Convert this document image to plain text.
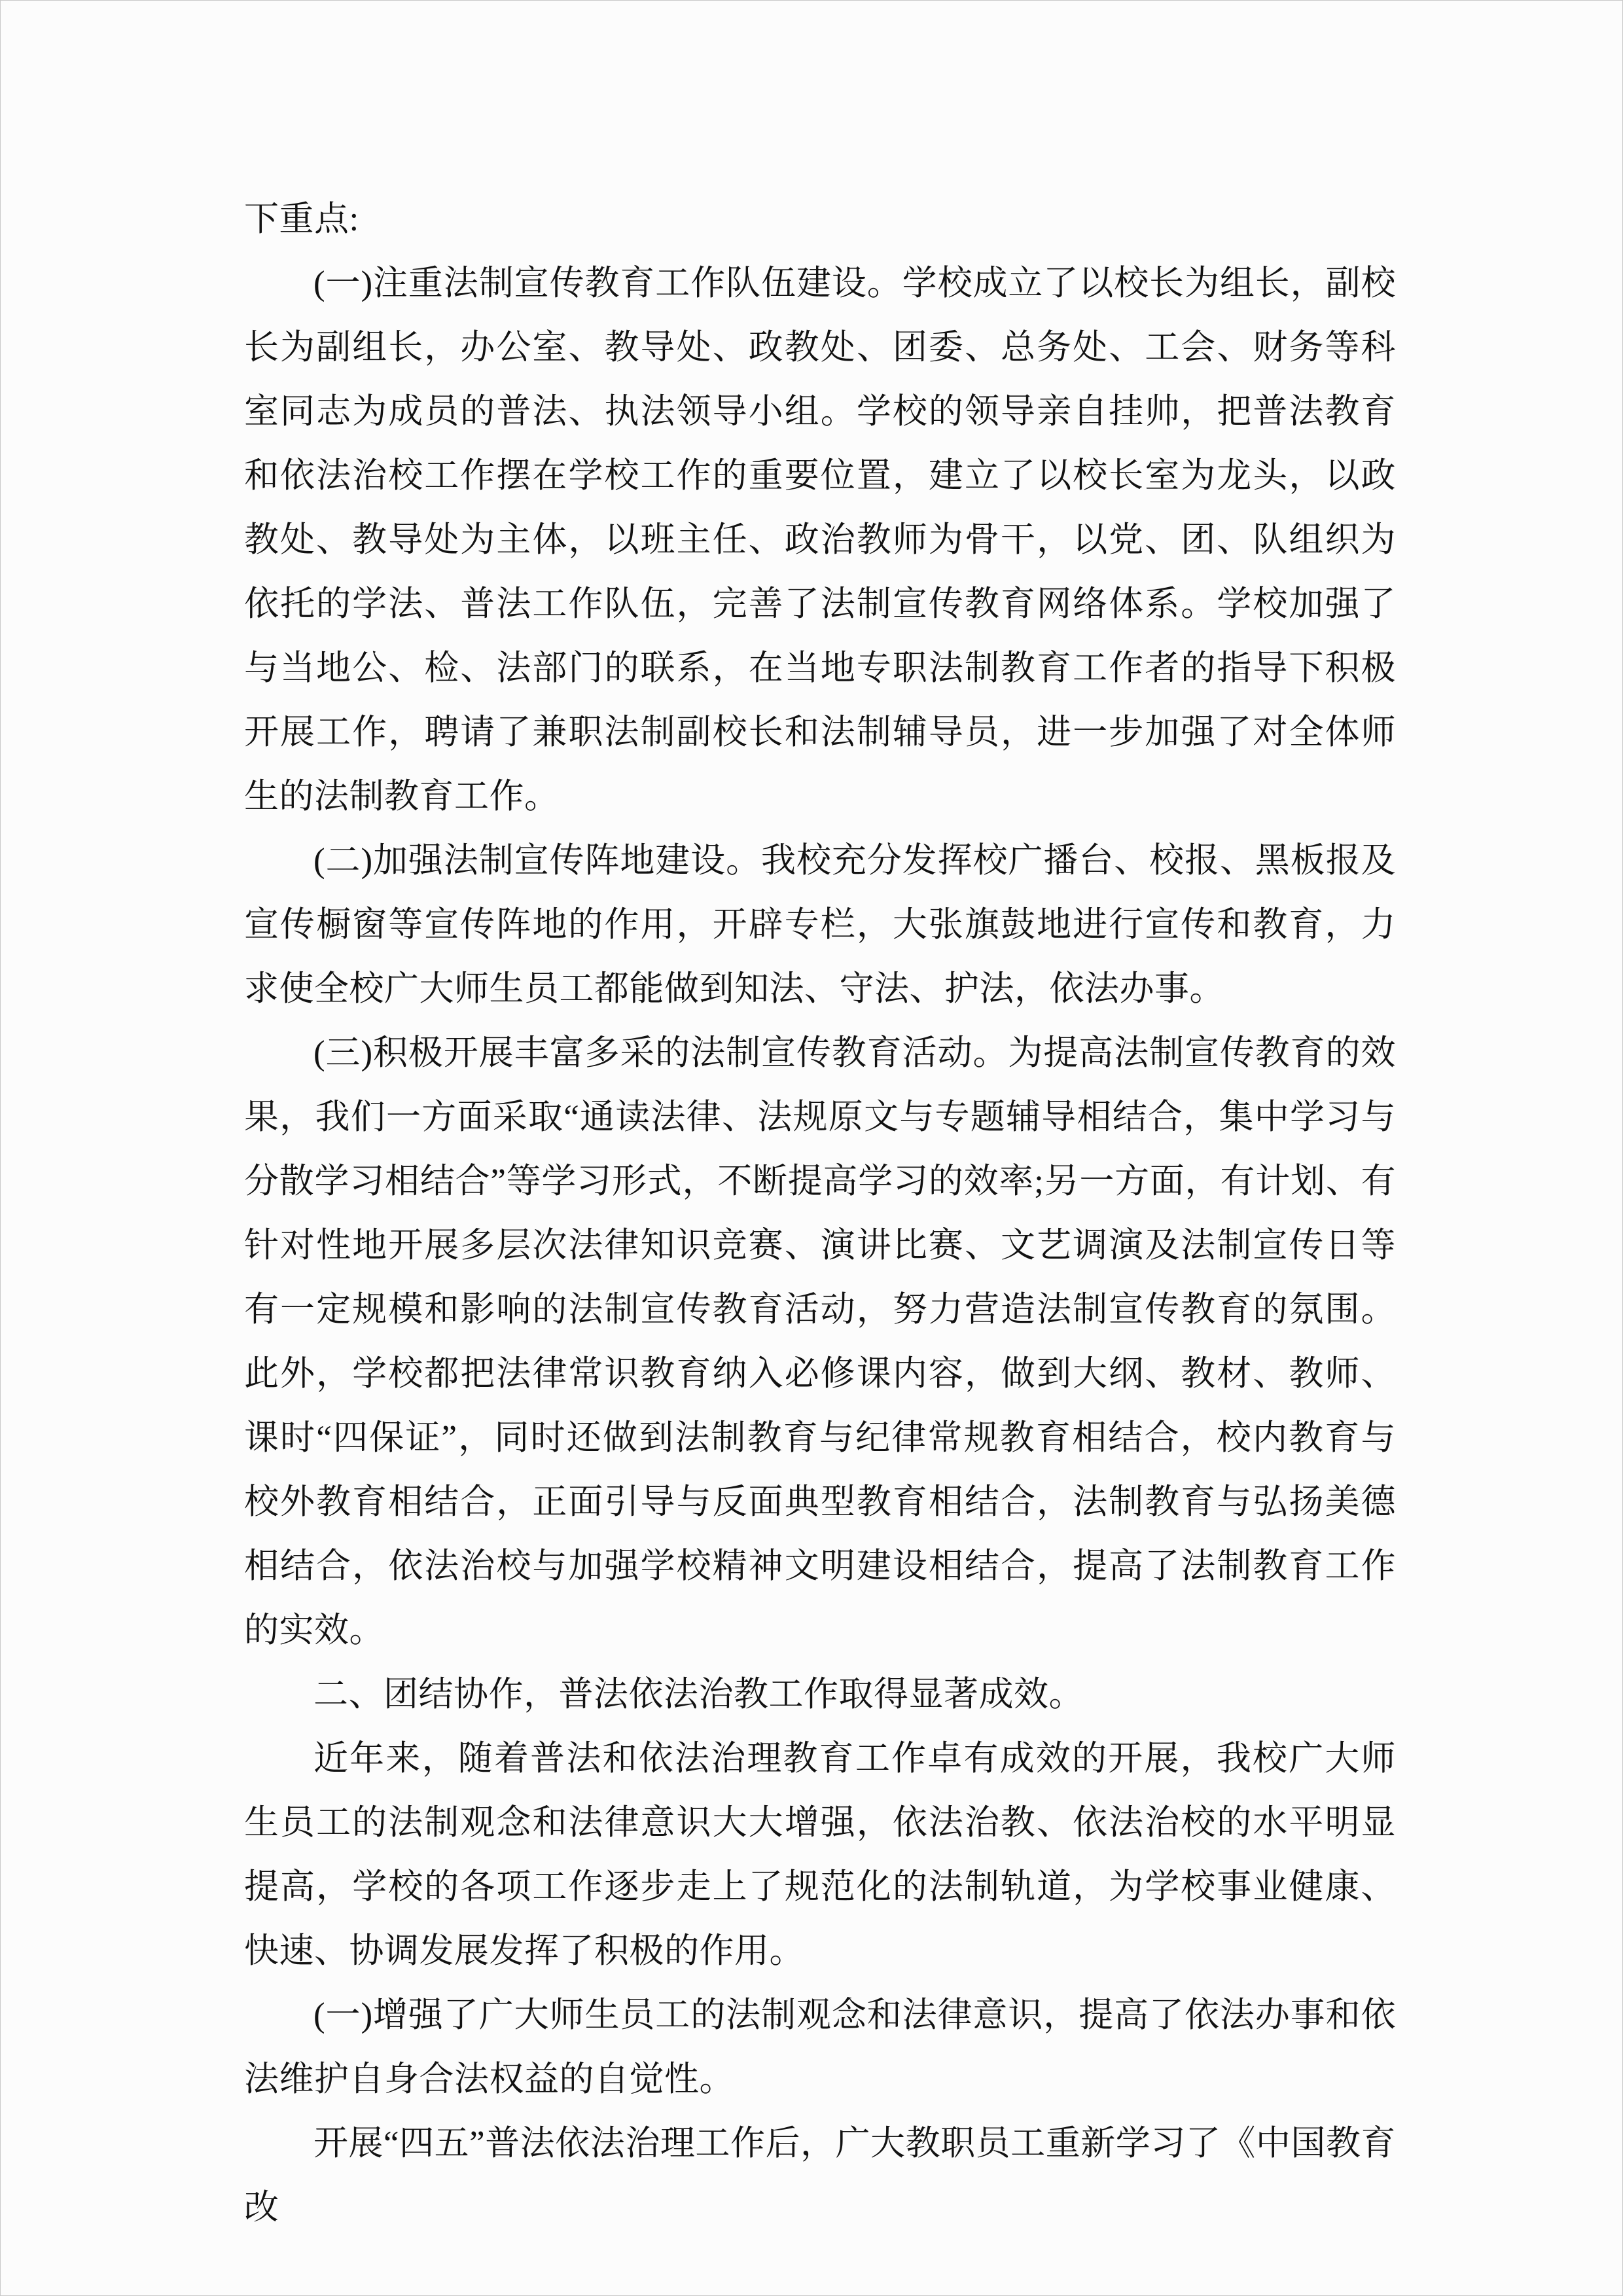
下重点:

(一)注重法制宣传教育工作队伍建设。学校成立了以校长为组长，副校长为副组长，办公室、教导处、政教处、团委、总务处、工会、财务等科室同志为成员的普法、执法领导小组。学校的领导亲自挂帅，把普法教育和依法治校工作摆在学校工作的重要位置，建立了以校长室为龙头，以政教处、教导处为主体，以班主任、政治教师为骨干，以党、团、队组织为依托的学法、普法工作队伍，完善了法制宣传教育网络体系。学校加强了与当地公、检、法部门的联系，在当地专职法制教育工作者的指导下积极开展工作，聘请了兼职法制副校长和法制辅导员，进一步加强了对全体师生的法制教育工作。

(二)加强法制宣传阵地建设。我校充分发挥校广播台、校报、黑板报及宣传橱窗等宣传阵地的作用，开辟专栏，大张旗鼓地进行宣传和教育，力求使全校广大师生员工都能做到知法、守法、护法，依法办事。

(三)积极开展丰富多采的法制宣传教育活动。为提高法制宣传教育的效果，我们一方面采取“通读法律、法规原文与专题辅导相结合，集中学习与分散学习相结合”等学习形式，不断提高学习的效率;另一方面，有计划、有针对性地开展多层次法律知识竞赛、演讲比赛、文艺调演及法制宣传日等有一定规模和影响的法制宣传教育活动，努力营造法制宣传教育的氛围。此外，学校都把法律常识教育纳入必修课内容，做到大纲、教材、教师、课时“四保证”，同时还做到法制教育与纪律常规教育相结合，校内教育与校外教育相结合，正面引导与反面典型教育相结合，法制教育与弘扬美德相结合，依法治校与加强学校精神文明建设相结合，提高了法制教育工作的实效。

二、团结协作，普法依法治教工作取得显著成效。

近年来，随着普法和依法治理教育工作卓有成效的开展，我校广大师生员工的法制观念和法律意识大大增强，依法治教、依法治校的水平明显提高，学校的各项工作逐步走上了规范化的法制轨道，为学校事业健康、快速、协调发展发挥了积极的作用。

(一)增强了广大师生员工的法制观念和法律意识，提高了依法办事和依法维护自身合法权益的自觉性。

开展“四五”普法依法治理工作后，广大教职员工重新学习了《中国教育改
